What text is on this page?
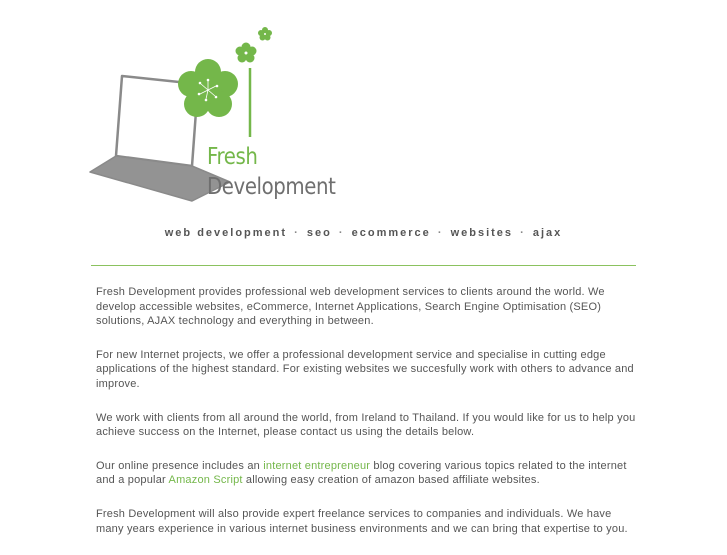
Fresh
Development
web development · seo · ecommerce · websites · ajax

Fresh Development provides professional web development services to clients around the world. We develop accessible websites, eCommerce, Internet Applications, Search Engine Optimisation (SEO) solutions, AJAX technology and everything in between.

For new Internet projects, we offer a professional development service and specialise in cutting edge applications of the highest standard. For existing websites we succesfully work with others to advance and improve.

We work with clients from all around the world, from Ireland to Thailand. If you would like for us to help you achieve success on the Internet, please contact us using the details below.

Our online presence includes an internet entrepreneur blog covering various topics related to the internet and a popular Amazon Script allowing easy creation of amazon based affiliate websites.

Fresh Development will also provide expert freelance services to companies and individuals. We have many years experience in various internet business environments and we can bring that expertise to you.
